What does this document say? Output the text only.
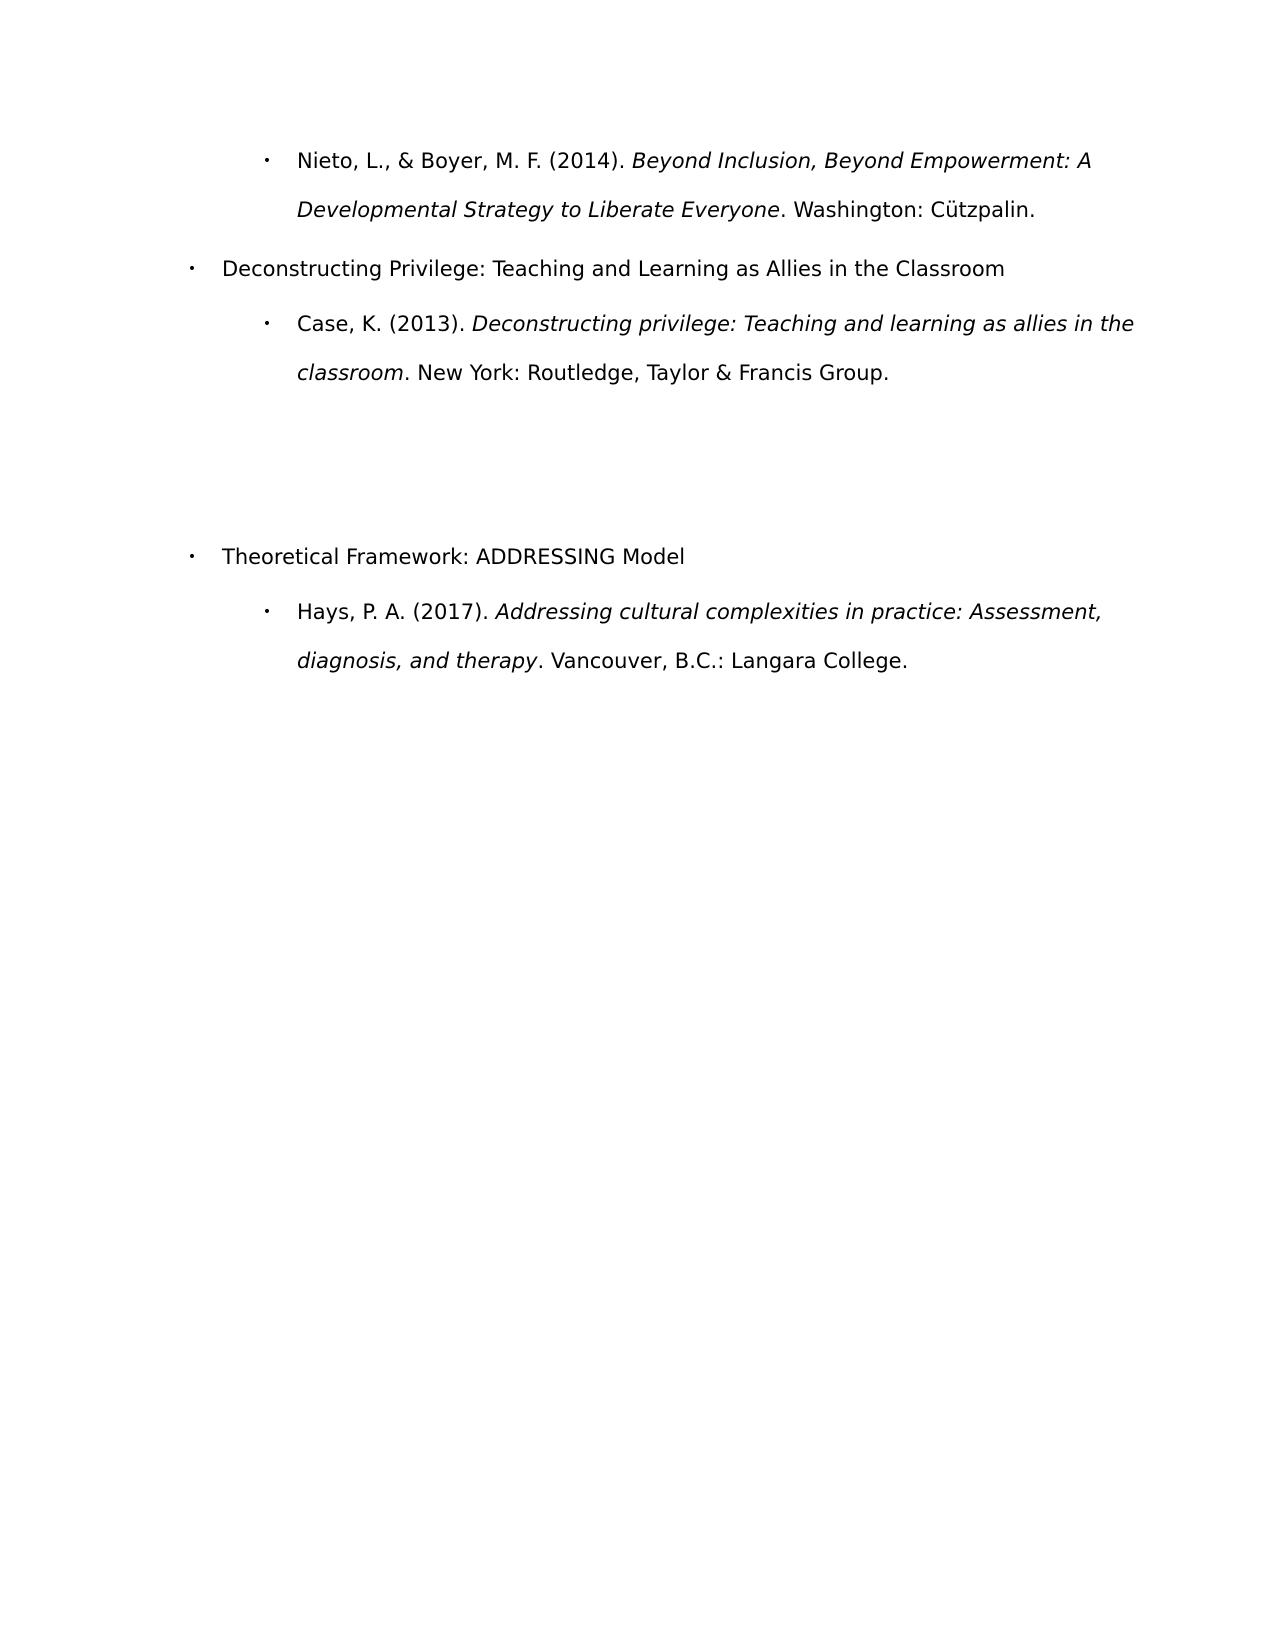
• Nieto, L., & Boyer, M. F. (2014). Beyond Inclusion, Beyond Empowerment: A
Developmental Strategy to Liberate Everyone. Washington: Cützpalin.
• Deconstructing Privilege: Teaching and Learning as Allies in the Classroom
• Case, K. (2013). Deconstructing privilege: Teaching and learning as allies in the
classroom. New York: Routledge, Taylor & Francis Group.
• Theoretical Framework: ADDRESSING Model
• Hays, P. A. (2017). Addressing cultural complexities in practice: Assessment,
diagnosis, and therapy. Vancouver, B.C.: Langara College.
